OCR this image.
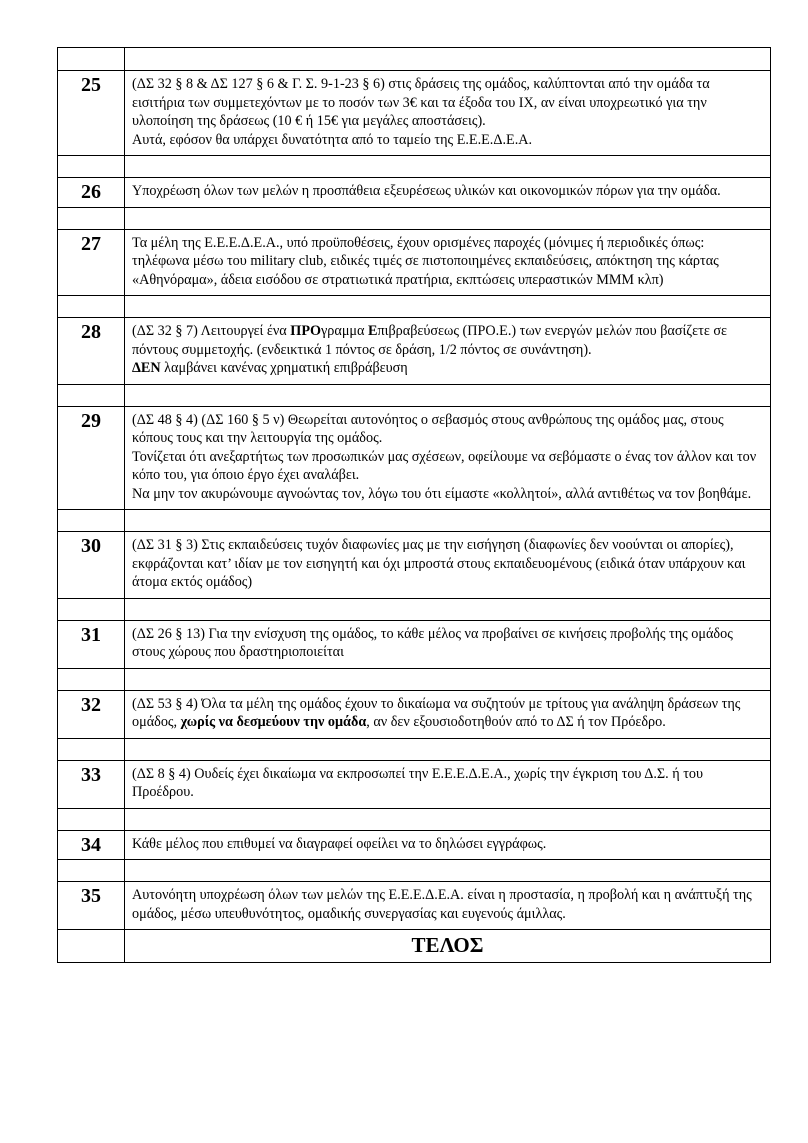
25	(ΔΣ 32 § 8 & ΔΣ 127 § 6 & Γ. Σ. 9-1-23 § 6) στις δράσεις της ομάδος, καλύπτονται από την ομάδα τα εισιτήρια των συμμετεχόντων με το ποσόν των 3€ και τα έξοδα του ΙΧ, αν είναι υποχρεωτικό για την υλοποίηση της δράσεως (10 € ή 15€ για μεγάλες αποστάσεις).

Αυτά, εφόσον θα υπάρχει δυνατότητα από το ταμείο της Ε.Ε.Ε.Δ.Ε.Α.

26	Υποχρέωση όλων των μελών η προσπάθεια εξευρέσεως υλικών και οικονομικών πόρων για την ομάδα.

27	Τα μέλη της Ε.Ε.Ε.Δ.Ε.Α., υπό προϋποθέσεις, έχουν ορισμένες παροχές (μόνιμες ή περιοδικές όπως: τηλέφωνα μέσω του military club, ειδικές τιμές σε πιστοποιημένες εκπαιδεύσεις, απόκτηση της κάρτας «Αθηνόραμα», άδεια εισόδου σε στρατιωτικά πρατήρια, εκπτώσεις υπεραστικών ΜΜΜ κλπ)

28	(ΔΣ 32 § 7) Λειτουργεί ένα ΠΡΟγραμμα Επιβραβεύσεως (ΠΡΟ.Ε.) των ενεργών μελών που βασίζετε σε πόντους συμμετοχής. (ενδεικτικά 1 πόντος σε δράση, 1/2 πόντος σε συνάντηση).

ΔΕΝ λαμβάνει κανένας χρηματική επιβράβευση

29	(ΔΣ 48 § 4) (ΔΣ 160 § 5 ν) Θεωρείται αυτονόητος ο σεβασμός στους ανθρώπους της ομάδος μας, στους κόπους τους και την λειτουργία της ομάδος.

Τονίζεται ότι ανεξαρτήτως των προσωπικών μας σχέσεων, οφείλουμε να σεβόμαστε ο ένας τον άλλον και τον κόπο του, για όποιο έργο έχει αναλάβει.

Να μην τον ακυρώνουμε αγνοώντας τον, λόγω του ότι είμαστε «κολλητοί», αλλά αντιθέτως να τον βοηθάμε.

30	(ΔΣ 31 § 3) Στις εκπαιδεύσεις τυχόν διαφωνίες μας με την εισήγηση (διαφωνίες δεν νοούνται οι απορίες), εκφράζονται κατ’ ιδίαν με τον εισηγητή και όχι μπροστά στους εκπαιδευομένους (ειδικά όταν υπάρχουν και άτομα εκτός ομάδος)

31	(ΔΣ 26 § 13) Για την ενίσχυση της ομάδος, το κάθε μέλος να προβαίνει σε κινήσεις προβολής της ομάδος στους χώρους που δραστηριοποιείται

32	(ΔΣ 53 § 4) Όλα τα μέλη της ομάδος έχουν το δικαίωμα να συζητούν με τρίτους για ανάληψη δράσεων της ομάδος, χωρίς να δεσμεύουν την ομάδα, αν δεν εξουσιοδοτηθούν από το ΔΣ ή τον Πρόεδρο.

33	(ΔΣ 8 § 4) Ουδείς έχει δικαίωμα να εκπροσωπεί την Ε.Ε.Ε.Δ.Ε.Α., χωρίς την έγκριση του Δ.Σ. ή του Προέδρου.

34	Κάθε μέλος που επιθυμεί να διαγραφεί οφείλει να το δηλώσει εγγράφως.

35	Αυτονόητη υποχρέωση όλων των μελών της Ε.Ε.Ε.Δ.Ε.Α. είναι η προστασία, η προβολή και η ανάπτυξή της ομάδος, μέσω υπευθυνότητος, ομαδικής συνεργασίας και ευγενούς άμιλλας.

	ΤΕΛΟΣ
